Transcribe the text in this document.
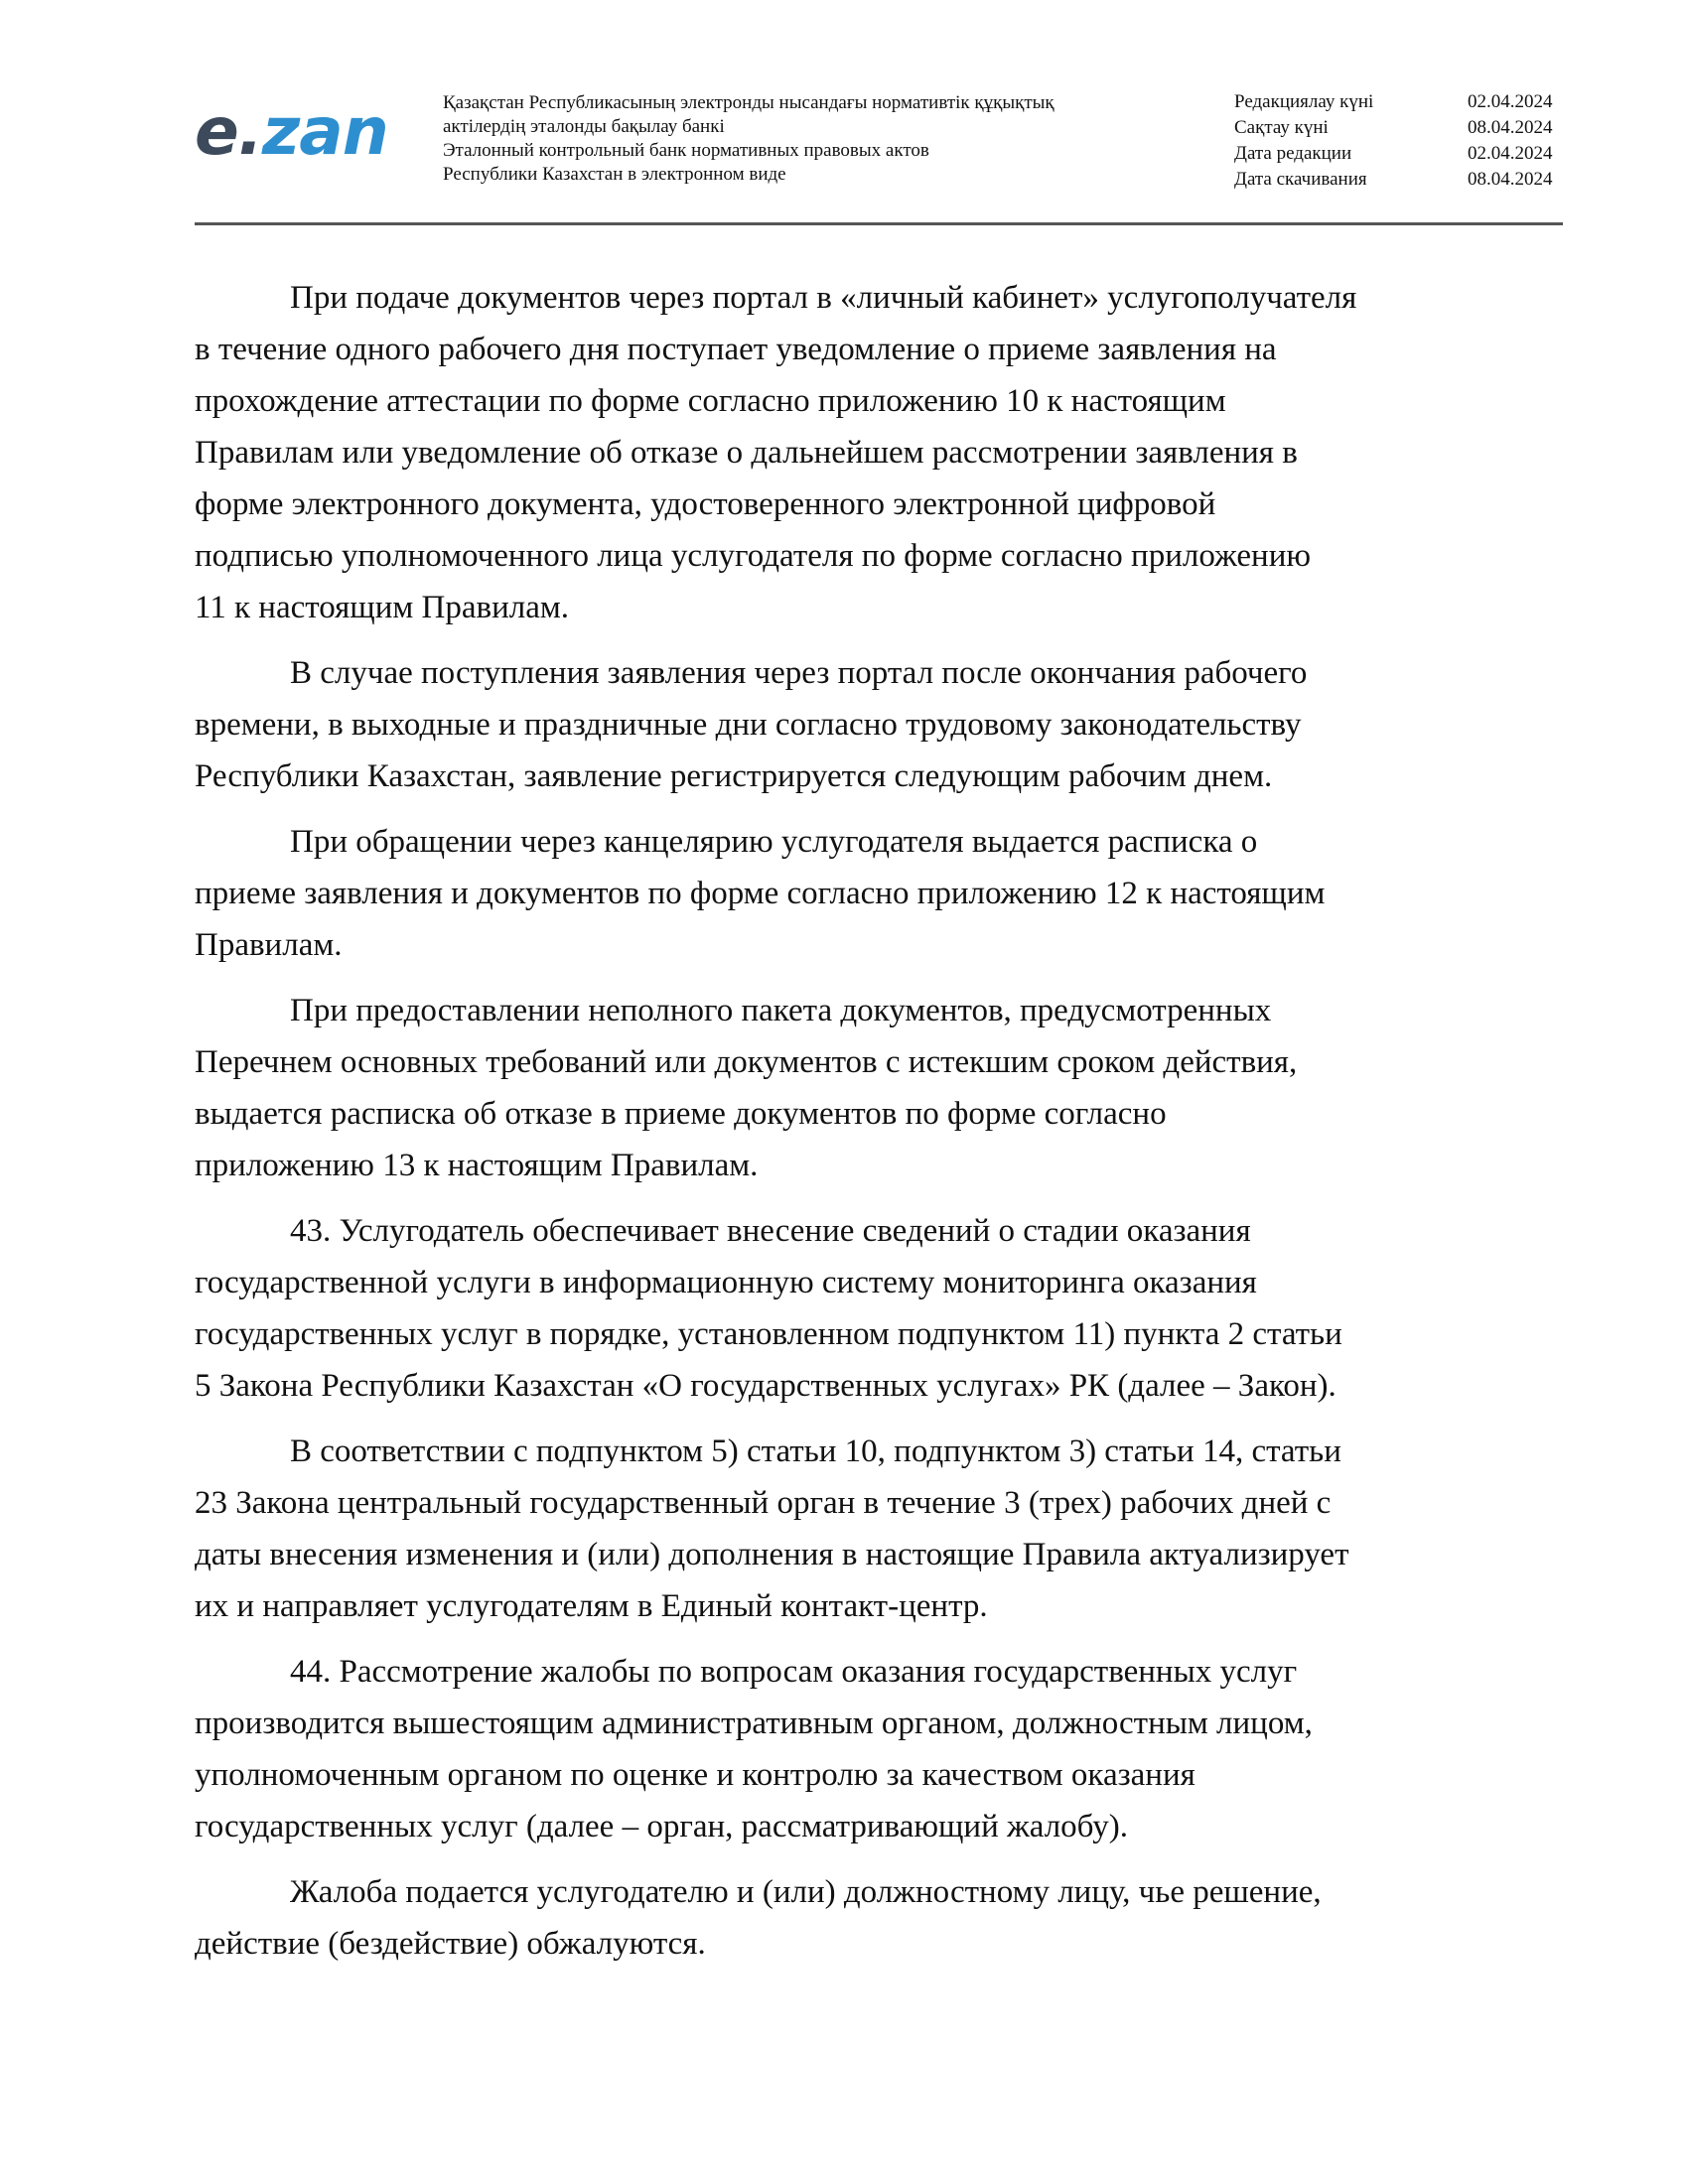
e.zan	Қазақстан Республикасының электронды нысандағы нормативтік құқықтық
актілердің эталонды бақылау банкі
Эталонный контрольный банк нормативных правовых актов
Республики Казахстан в электронном виде
Редакциялау күні	02.04.2024
Сақтау күні	08.04.2024
Дата редакции	02.04.2024
Дата скачивания	08.04.2024

При подаче документов через портал в «личный кабинет» услугополучателя
в течение одного рабочего дня поступает уведомление о приеме заявления на
прохождение аттестации по форме согласно приложению 10 к настоящим
Правилам или уведомление об отказе о дальнейшем рассмотрении заявления в
форме электронного документа, удостоверенного электронной цифровой
подписью уполномоченного лица услугодателя по форме согласно приложению
11 к настоящим Правилам.

В случае поступления заявления через портал после окончания рабочего
времени, в выходные и праздничные дни согласно трудовому законодательству
Республики Казахстан, заявление регистрируется следующим рабочим днем.

При обращении через канцелярию услугодателя выдается расписка о
приеме заявления и документов по форме согласно приложению 12 к настоящим
Правилам.

При предоставлении неполного пакета документов, предусмотренных
Перечнем основных требований или документов с истекшим сроком действия,
выдается расписка об отказе в приеме документов по форме согласно
приложению 13 к настоящим Правилам.

43. Услугодатель обеспечивает внесение сведений о стадии оказания
государственной услуги в информационную систему мониторинга оказания
государственных услуг в порядке, установленном подпунктом 11) пункта 2 статьи
5 Закона Республики Казахстан «О государственных услугах» РК (далее – Закон).

В соответствии с подпунктом 5) статьи 10, подпунктом 3) статьи 14, статьи
23 Закона центральный государственный орган в течение 3 (трех) рабочих дней с
даты внесения изменения и (или) дополнения в настоящие Правила актуализирует
их и направляет услугодателям в Единый контакт-центр.

44. Рассмотрение жалобы по вопросам оказания государственных услуг
производится вышестоящим административным органом, должностным лицом,
уполномоченным органом по оценке и контролю за качеством оказания
государственных услуг (далее – орган, рассматривающий жалобу).

Жалоба подается услугодателю и (или) должностному лицу, чье решение,
действие (бездействие) обжалуются.
